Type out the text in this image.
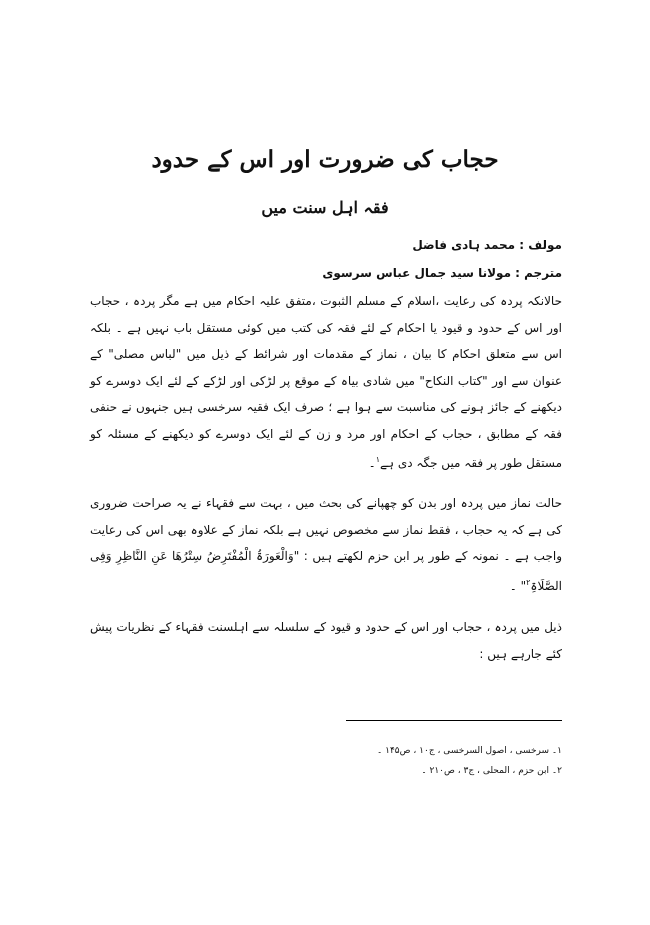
حجاب کی ضرورت اور اس کے حدود
فقہ اہل سنت میں
مولف : محمد ہادی فاضل
مترجم : مولانا سید جمال عباس سرسوی
حالانکہ پردہ کی رعایت ،اسلام کے مسلم الثبوت ،متفق علیہ احکام میں ہے مگر پردہ ، حجاب اور اس کے حدود و قیود یا احکام کے لئے فقہ کی کتب میں کوئی مستقل باب نہیں ہے ۔ بلکہ اس سے متعلق احکام کا بیان ، نماز کے مقدمات اور شرائط کے ذیل میں "لباس مصلی" کے عنوان سے اور "کتاب النکاح" میں شادی بیاہ کے موقع پر لڑکی اور لڑکے کے لئے ایک دوسرے کو دیکھنے کے جائز ہونے کی مناسبت سے ہوا ہے ؛ صرف ایک فقیہ سرخسی ہیں جنہوں نے حنفی فقہ کے مطابق ، حجاب کے احکام اور مرد و زن کے لئے ایک دوسرے کو دیکھنے کے مسئلہ کو مستقل طور پر فقہ میں جگہ دی ہے$^۱$۔
حالت نماز میں پردہ اور بدن کو چھپانے کی بحث میں ، بہت سے فقہاء نے یہ صراحت ضروری کی ہے کہ یہ حجاب ، فقط نماز سے مخصوص نہیں ہے بلکہ نماز کے علاوہ بھی اس کی رعایت واجب ہے ۔ نمونہ کے طور پر ابن حزم لکھتے ہیں : "وَالْعَورَۃُ الْمُفْتَرِضُ سِتْرُھَا عَنِ النَّاظِرِ وَفِی الصَّلَاۃِ$^۲$" ۔
ذیل میں پردہ ، حجاب اور اس کے حدود و قیود کے سلسلہ سے اہلسنت فقہاء کے نظریات پیش کئے جارہے ہیں :
۱۔ سرخسی ، اصول السرخسی ، ج۱۰ ، ص۱۴۵ ۔
۲۔ ابن حزم ، المحلی ، ج۳ ، ص۲۱۰ ۔
